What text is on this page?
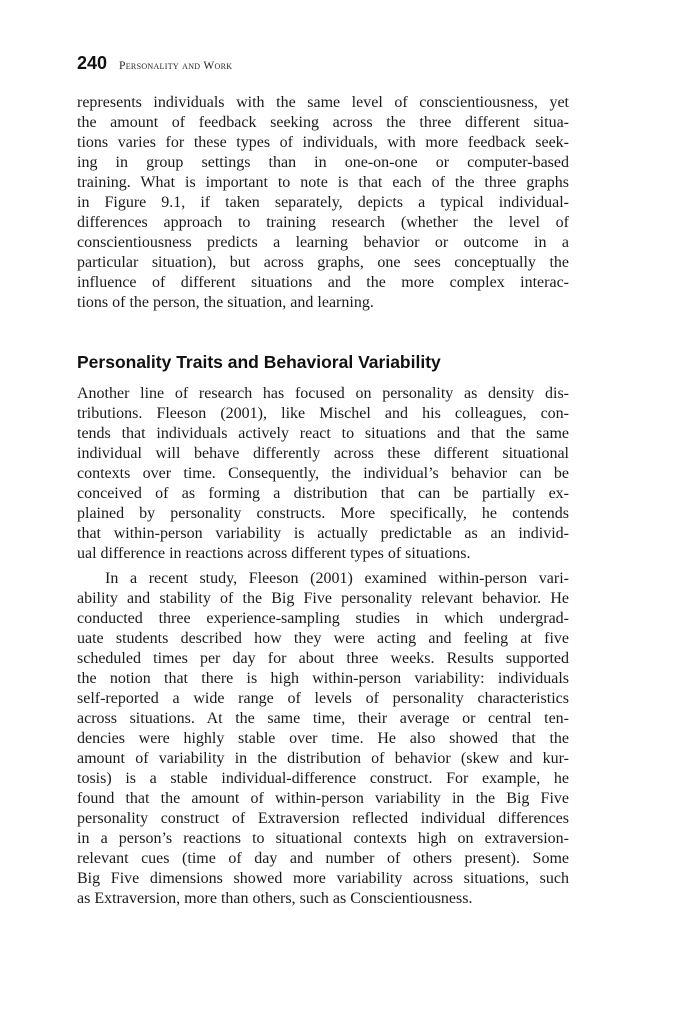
240 Personality and Work
represents individuals with the same level of conscientiousness, yet
the amount of feedback seeking across the three different situa-
tions varies for these types of individuals, with more feedback seek-
ing in group settings than in one-on-one or computer-based
training. What is important to note is that each of the three graphs
in Figure 9.1, if taken separately, depicts a typical individual-
differences approach to training research (whether the level of
conscientiousness predicts a learning behavior or outcome in a
particular situation), but across graphs, one sees conceptually the
influence of different situations and the more complex interac-
tions of the person, the situation, and learning.
Personality Traits and Behavioral Variability
Another line of research has focused on personality as density dis-
tributions. Fleeson (2001), like Mischel and his colleagues, con-
tends that individuals actively react to situations and that the same
individual will behave differently across these different situational
contexts over time. Consequently, the individual’s behavior can be
conceived of as forming a distribution that can be partially ex-
plained by personality constructs. More specifically, he contends
that within-person variability is actually predictable as an individ-
ual difference in reactions across different types of situations.
In a recent study, Fleeson (2001) examined within-person vari-
ability and stability of the Big Five personality relevant behavior. He
conducted three experience-sampling studies in which undergrad-
uate students described how they were acting and feeling at five
scheduled times per day for about three weeks. Results supported
the notion that there is high within-person variability: individuals
self-reported a wide range of levels of personality characteristics
across situations. At the same time, their average or central ten-
dencies were highly stable over time. He also showed that the
amount of variability in the distribution of behavior (skew and kur-
tosis) is a stable individual-difference construct. For example, he
found that the amount of within-person variability in the Big Five
personality construct of Extraversion reflected individual differences
in a person’s reactions to situational contexts high on extraversion-
relevant cues (time of day and number of others present). Some
Big Five dimensions showed more variability across situations, such
as Extraversion, more than others, such as Conscientiousness.
